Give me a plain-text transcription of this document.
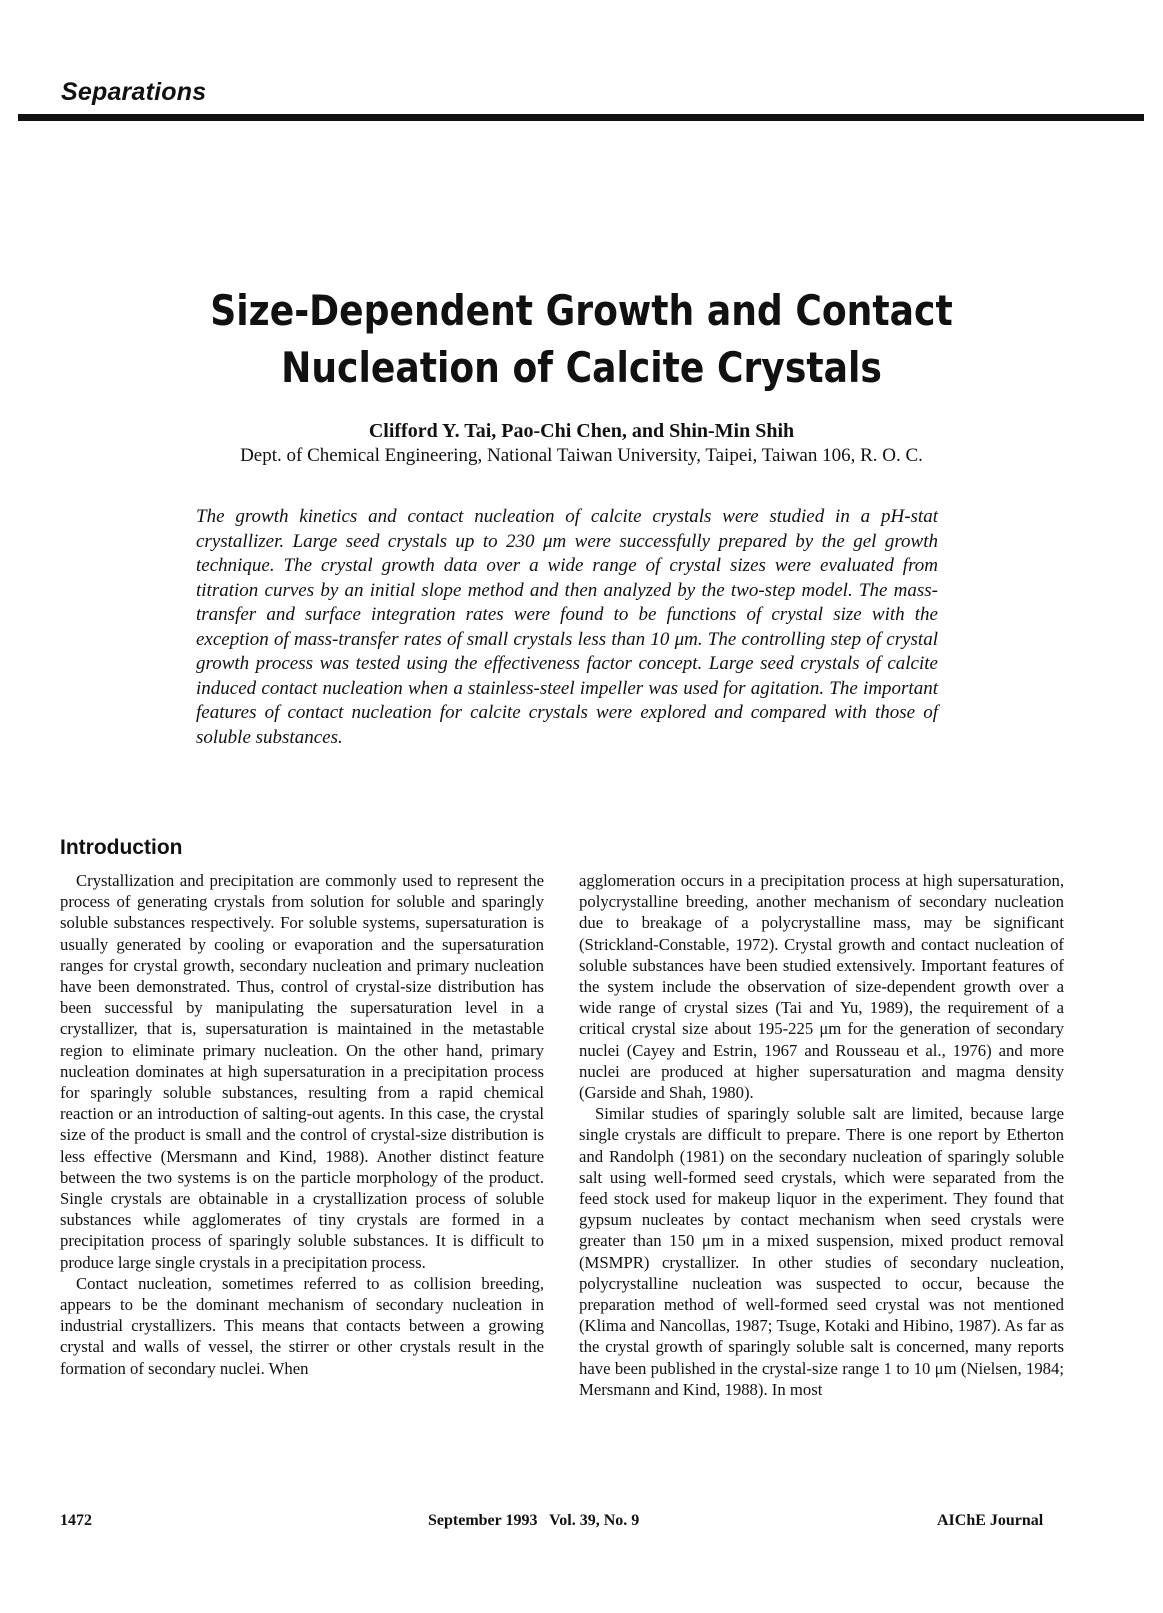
Separations
Size-Dependent Growth and Contact Nucleation of Calcite Crystals
Clifford Y. Tai, Pao-Chi Chen, and Shin-Min Shih
Dept. of Chemical Engineering, National Taiwan University, Taipei, Taiwan 106, R. O. C.

The growth kinetics and contact nucleation of calcite crystals were studied in a pH-stat crystallizer. Large seed crystals up to 230 μm were successfully prepared by the gel growth technique. The crystal growth data over a wide range of crystal sizes were evaluated from titration curves by an initial slope method and then analyzed by the two-step model. The mass-transfer and surface integration rates were found to be functions of crystal size with the exception of mass-transfer rates of small crystals less than 10 μm. The controlling step of crystal growth process was tested using the effectiveness factor concept. Large seed crystals of calcite induced contact nucleation when a stainless-steel impeller was used for agitation. The important features of contact nucleation for calcite crystals were explored and compared with those of soluble substances.

Introduction

Crystallization and precipitation are commonly used to represent the process of generating crystals from solution for soluble and sparingly soluble substances respectively. For soluble systems, supersaturation is usually generated by cooling or evaporation and the supersaturation ranges for crystal growth, secondary nucleation and primary nucleation have been demonstrated. Thus, control of crystal-size distribution has been successful by manipulating the supersaturation level in a crystallizer, that is, supersaturation is maintained in the metastable region to eliminate primary nucleation. On the other hand, primary nucleation dominates at high supersaturation in a precipitation process for sparingly soluble substances, resulting from a rapid chemical reaction or an introduction of salting-out agents. In this case, the crystal size of the product is small and the control of crystal-size distribution is less effective (Mersmann and Kind, 1988). Another distinct feature between the two systems is on the particle morphology of the product. Single crystals are obtainable in a crystallization process of soluble substances while agglomerates of tiny crystals are formed in a precipitation process of sparingly soluble substances. It is difficult to produce large single crystals in a precipitation process.

Contact nucleation, sometimes referred to as collision breeding, appears to be the dominant mechanism of secondary nucleation in industrial crystallizers. This means that contacts between a growing crystal and walls of vessel, the stirrer or other crystals result in the formation of secondary nuclei. When

agglomeration occurs in a precipitation process at high supersaturation, polycrystalline breeding, another mechanism of secondary nucleation due to breakage of a polycrystalline mass, may be significant (Strickland-Constable, 1972). Crystal growth and contact nucleation of soluble substances have been studied extensively. Important features of the system include the observation of size-dependent growth over a wide range of crystal sizes (Tai and Yu, 1989), the requirement of a critical crystal size about 195-225 μm for the generation of secondary nuclei (Cayey and Estrin, 1967 and Rousseau et al., 1976) and more nuclei are produced at higher supersaturation and magma density (Garside and Shah, 1980).

Similar studies of sparingly soluble salt are limited, because large single crystals are difficult to prepare. There is one report by Etherton and Randolph (1981) on the secondary nucleation of sparingly soluble salt using well-formed seed crystals, which were separated from the feed stock used for makeup liquor in the experiment. They found that gypsum nucleates by contact mechanism when seed crystals were greater than 150 μm in a mixed suspension, mixed product removal (MSMPR) crystallizer. In other studies of secondary nucleation, polycrystalline nucleation was suspected to occur, because the preparation method of well-formed seed crystal was not mentioned (Klima and Nancollas, 1987; Tsuge, Kotaki and Hibino, 1987). As far as the crystal growth of sparingly soluble salt is concerned, many reports have been published in the crystal-size range 1 to 10 μm (Nielsen, 1984; Mersmann and Kind, 1988). In most

1472	September 1993   Vol. 39, No. 9	AIChE Journal
